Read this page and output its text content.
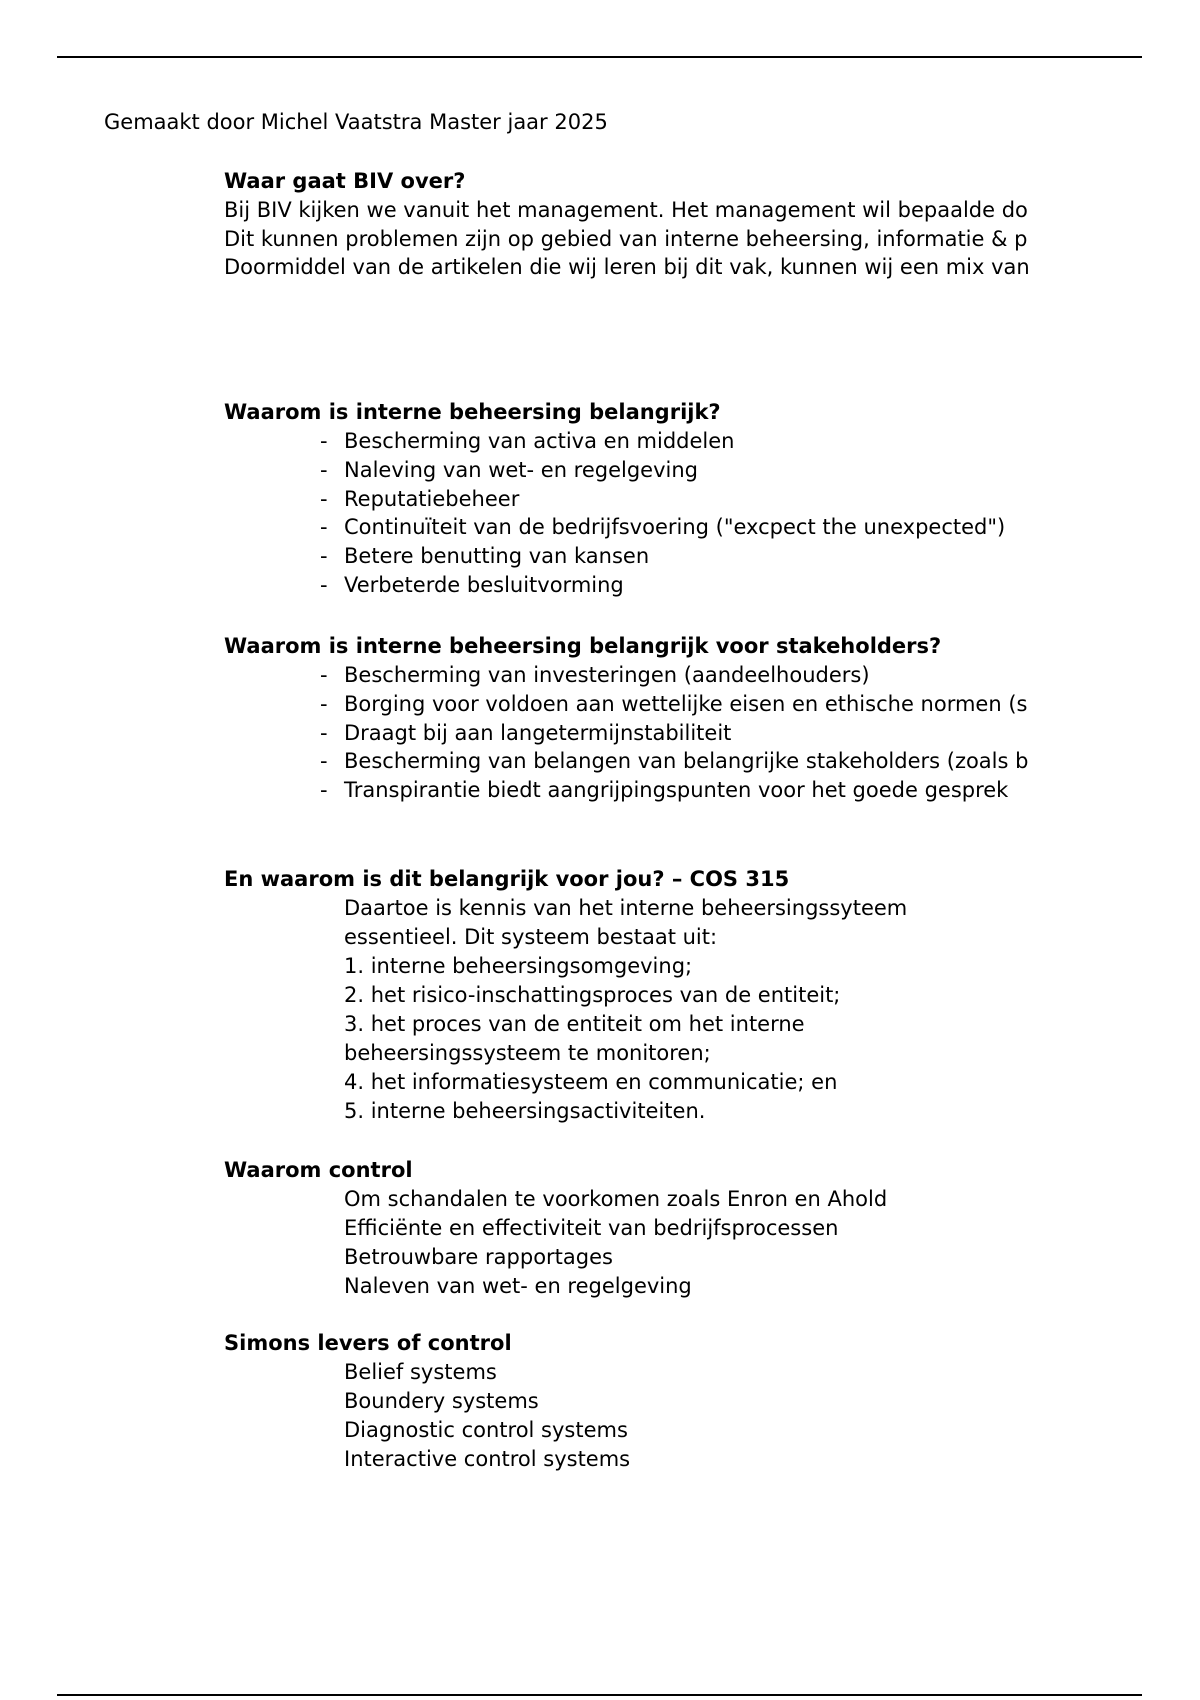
Gemaakt door Michel Vaatstra Master jaar 2025
Waar gaat BIV over?

Bij BIV kijken we vanuit het management. Het management wil bepaalde do

Dit kunnen problemen zijn op gebied van interne beheersing, informatie & p

Doormiddel van de artikelen die wij leren bij dit vak, kunnen wij een mix van

Waarom is interne beheersing belangrijk?
- Bescherming van activa en middelen
- Naleving van wet- en regelgeving
- Reputatiebeheer
- Continuïteit van de bedrijfsvoering ("excpect the unexpected")
- Betere benutting van kansen
- Verbeterde besluitvorming
Waarom is interne beheersing belangrijk voor stakeholders?
- Bescherming van investeringen (aandeelhouders)
- Borging voor voldoen aan wettelijke eisen en ethische normen (s
- Draagt bij aan langetermijnstabiliteit
- Bescherming van belangen van belangrijke stakeholders (zoals b
- Transpirantie biedt aangrijpingspunten voor het goede gesprek
En waarom is dit belangrijk voor jou? – COS 315

Daartoe is kennis van het interne beheersingssyteem

essentieel. Dit systeem bestaat uit:

1. interne beheersingsomgeving;

2. het risico-inschattingsproces van de entiteit;

3. het proces van de entiteit om het interne

beheersingssysteem te monitoren;

4. het informatiesysteem en communicatie; en

5. interne beheersingsactiviteiten.

Waarom control

Om schandalen te voorkomen zoals Enron en Ahold

Efficiënte en effectiviteit van bedrijfsprocessen

Betrouwbare rapportages

Naleven van wet- en regelgeving

Simons levers of control

Belief systems

Boundery systems

Diagnostic control systems

Interactive control systems
